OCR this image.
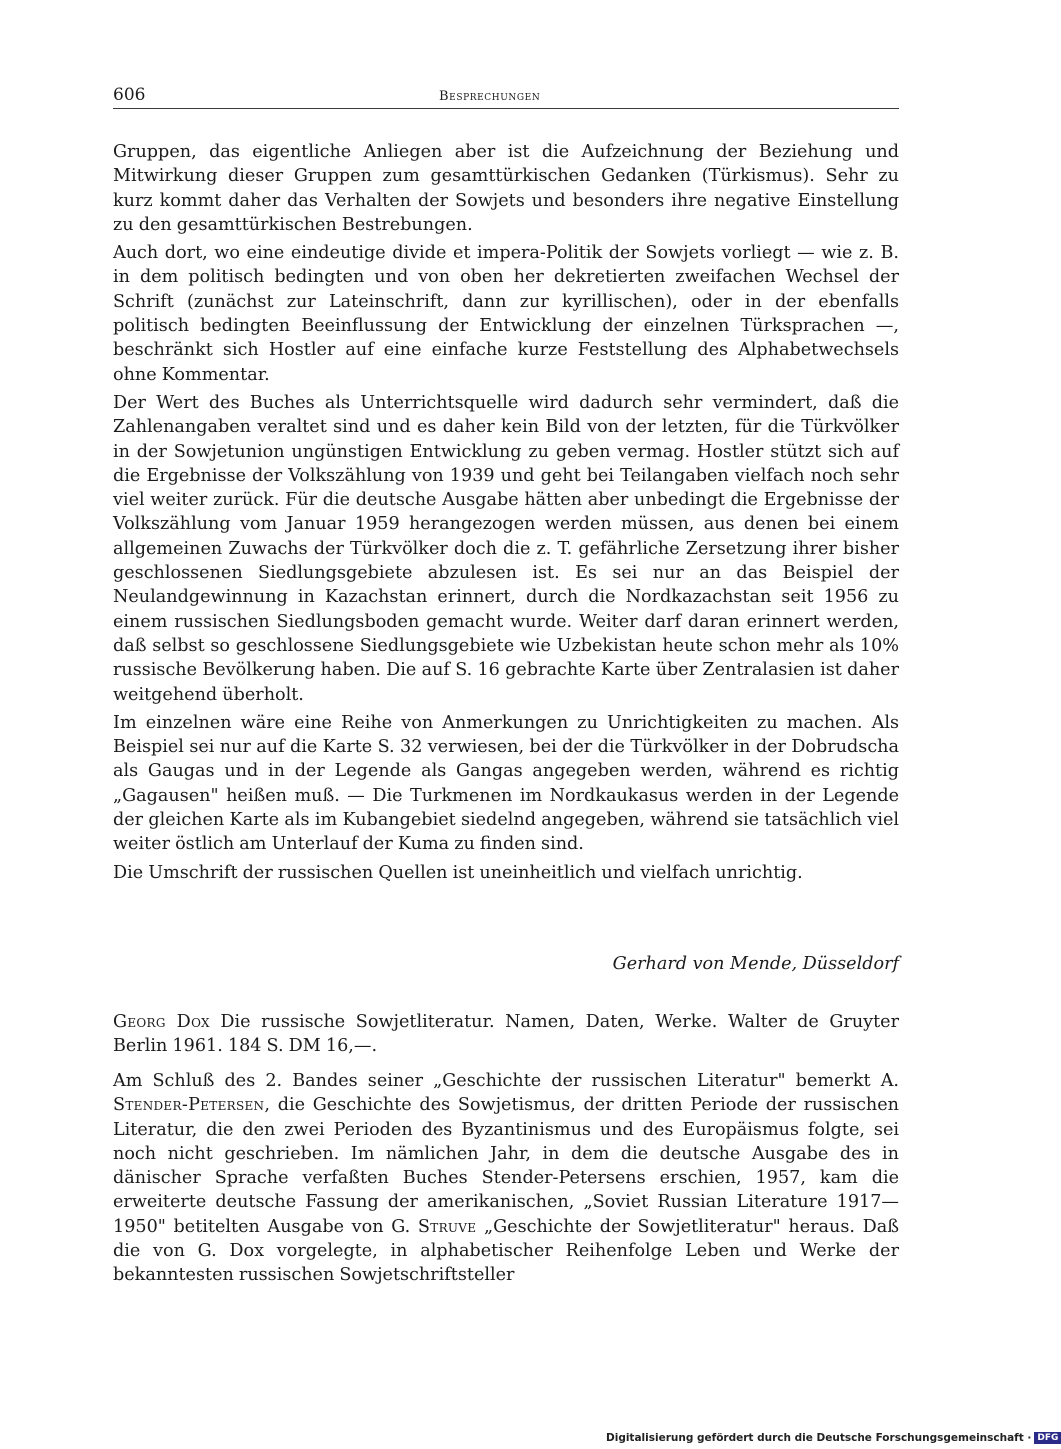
606	Besprechungen

Gruppen, das eigentliche Anliegen aber ist die Aufzeichnung der Beziehung und Mitwirkung dieser Gruppen zum gesamttürkischen Gedanken (Türkismus). Sehr zu kurz kommt daher das Verhalten der Sowjets und besonders ihre negative Einstellung zu den gesamttürkischen Bestrebungen.

Auch dort, wo eine eindeutige divide et impera-Politik der Sowjets vorliegt — wie z. B. in dem politisch bedingten und von oben her dekretierten zweifachen Wechsel der Schrift (zunächst zur Lateinschrift, dann zur kyrillischen), oder in der ebenfalls politisch bedingten Beeinflussung der Entwicklung der einzelnen Türksprachen —, beschränkt sich Hostler auf eine einfache kurze Feststellung des Alphabetwechsels ohne Kommentar.

Der Wert des Buches als Unterrichtsquelle wird dadurch sehr vermindert, daß die Zahlenangaben veraltet sind und es daher kein Bild von der letzten, für die Türkvölker in der Sowjetunion ungünstigen Entwicklung zu geben vermag. Hostler stützt sich auf die Ergebnisse der Volkszählung von 1939 und geht bei Teilangaben vielfach noch sehr viel weiter zurück. Für die deutsche Ausgabe hätten aber unbedingt die Ergebnisse der Volkszählung vom Januar 1959 herangezogen werden müssen, aus denen bei einem allgemeinen Zuwachs der Türkvölker doch die z. T. gefährliche Zersetzung ihrer bisher geschlossenen Siedlungsgebiete abzulesen ist. Es sei nur an das Beispiel der Neulandgewinnung in Kazachstan erinnert, durch die Nordkazachstan seit 1956 zu einem russischen Siedlungsboden gemacht wurde. Weiter darf daran erinnert werden, daß selbst so geschlossene Siedlungsgebiete wie Uzbekistan heute schon mehr als 10% russische Bevölkerung haben. Die auf S. 16 gebrachte Karte über Zentralasien ist daher weitgehend überholt.

Im einzelnen wäre eine Reihe von Anmerkungen zu Unrichtigkeiten zu machen. Als Beispiel sei nur auf die Karte S. 32 verwiesen, bei der die Türkvölker in der Dobrudscha als Gaugas und in der Legende als Gangas angegeben werden, während es richtig „Gagausen" heißen muß. — Die Turkmenen im Nordkaukasus werden in der Legende der gleichen Karte als im Kubangebiet siedelnd angegeben, während sie tatsächlich viel weiter östlich am Unterlauf der Kuma zu finden sind.

Die Umschrift der russischen Quellen ist uneinheitlich und vielfach unrichtig.

Gerhard von Mende, Düsseldorf
Georg Dox Die russische Sowjetliteratur. Namen, Daten, Werke. Walter de Gruyter Berlin 1961. 184 S. DM 16,—.

Am Schluß des 2. Bandes seiner „Geschichte der russischen Literatur" bemerkt A. Stender-Petersen, die Geschichte des Sowjetismus, der dritten Periode der russischen Literatur, die den zwei Perioden des Byzantinismus und des Europäismus folgte, sei noch nicht geschrieben. Im nämlichen Jahr, in dem die deutsche Ausgabe des in dänischer Sprache verfaßten Buches Stender-Petersens erschien, 1957, kam die erweiterte deutsche Fassung der amerikanischen, „Soviet Russian Literature 1917—1950" betitelten Ausgabe von G. Struve „Geschichte der Sowjetliteratur" heraus. Daß die von G. Dox vorgelegte, in alphabetischer Reihenfolge Leben und Werke der bekanntesten russischen Sowjetschriftsteller

Digitalisierung gefördert durch die Deutsche Forschungsgemeinschaft · DFG
